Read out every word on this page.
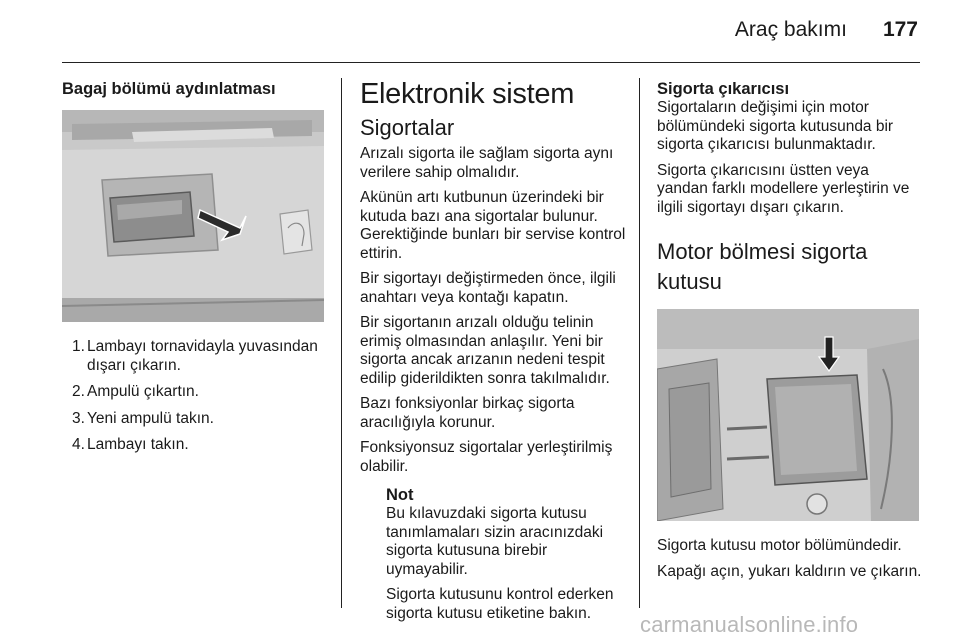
Araç bakımı 177

Bagaj bölümü aydınlatması

1. Lambayı tornavidayla yuvasından dışarı çıkarın.
2. Ampulü çıkartın.
3. Yeni ampulü takın.
4. Lambayı takın.
Elektronik sistem

Sigortalar

Arızalı sigorta ile sağlam sigorta aynı verilere sahip olmalıdır.

Akünün artı kutbunun üzerindeki bir kutuda bazı ana sigortalar bulunur. Gerektiğinde bunları bir servise kontrol ettirin.

Bir sigortayı değiştirmeden önce, ilgili anahtarı veya kontağı kapatın.

Bir sigortanın arızalı olduğu telinin erimiş olmasından anlaşılır. Yeni bir sigorta ancak arızanın nedeni tespit edilip giderildikten sonra takılmalıdır.

Bazı fonksiyonlar birkaç sigorta aracılığıyla korunur.

Fonksiyonsuz sigortalar yerleştirilmiş olabilir.

Not

Bu kılavuzdaki sigorta kutusu tanımlamaları sizin aracınızdaki sigorta kutusuna birebir uymayabilir.

Sigorta kutusunu kontrol ederken sigorta kutusu etiketine bakın.

Sigorta çıkarıcısı

Sigortaların değişimi için motor bölümündeki sigorta kutusunda bir sigorta çıkarıcısı bulunmaktadır.

Sigorta çıkarıcısını üstten veya yandan farklı modellere yerleştirin ve ilgili sigortayı dışarı çıkarın.

Motor bölmesi sigorta kutusu

Sigorta kutusu motor bölümündedir.

Kapağı açın, yukarı kaldırın ve çıkarın.

carmanualsonline.info
